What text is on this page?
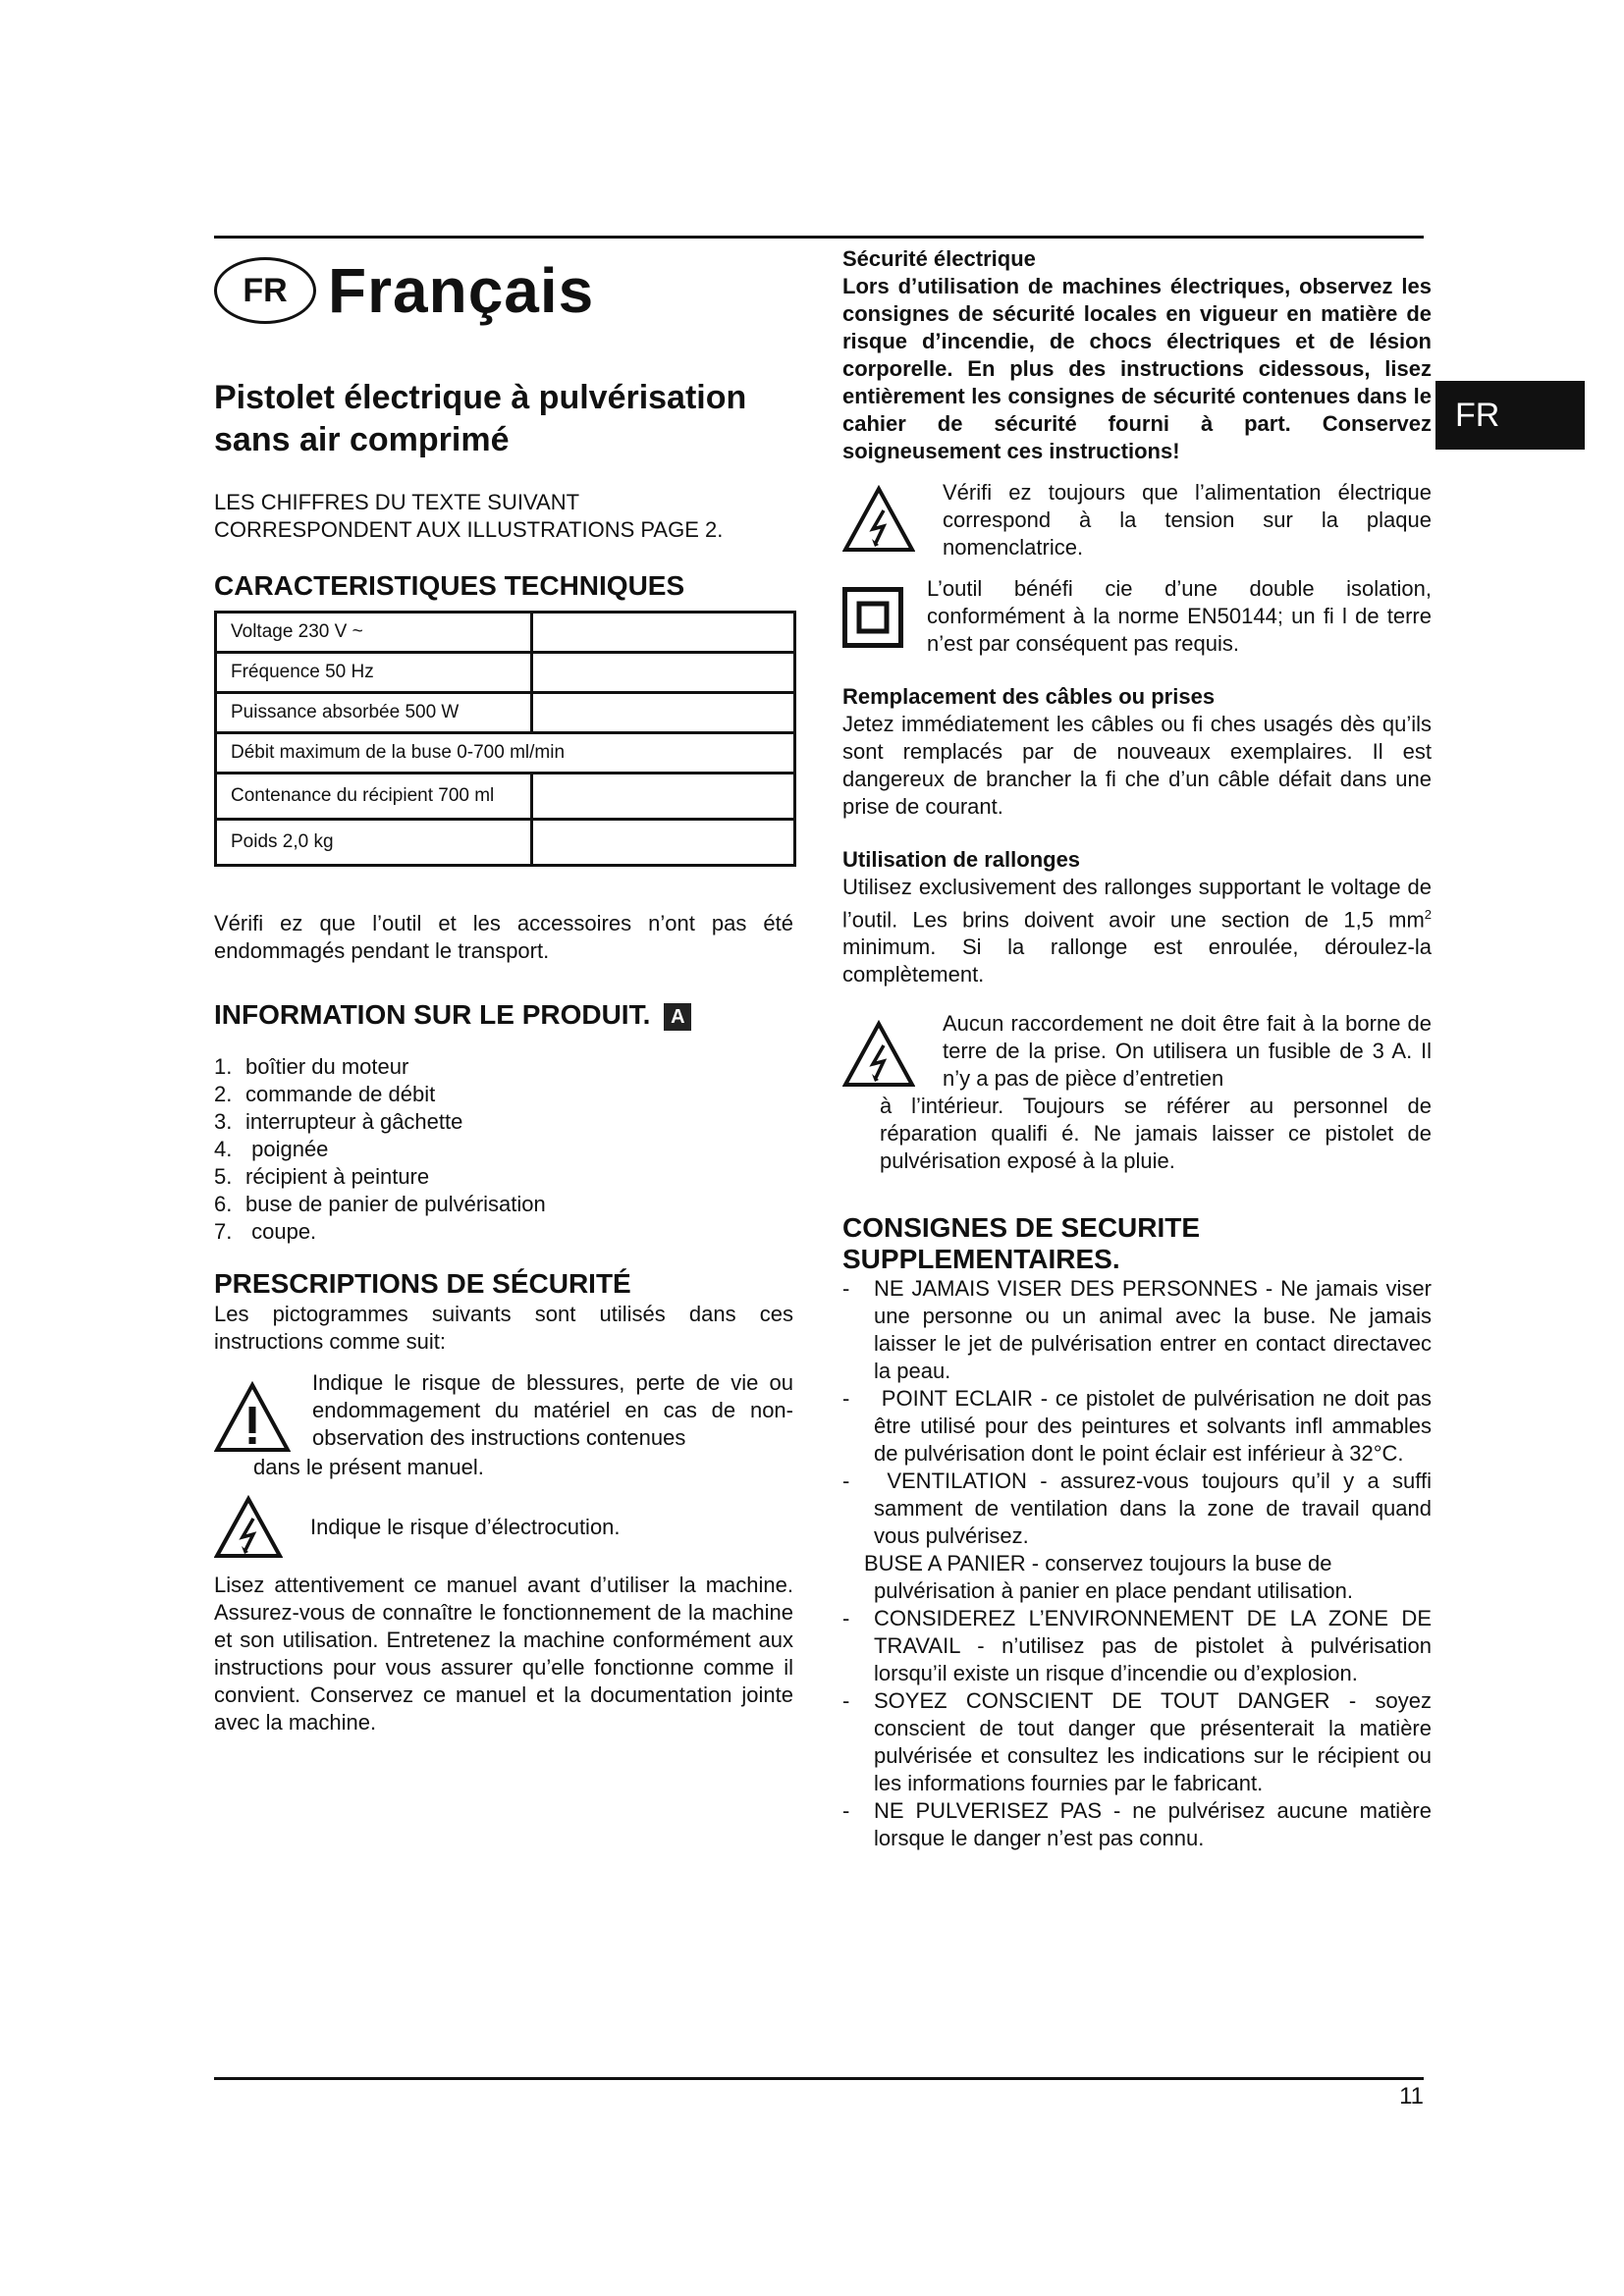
FR
11
FR Français
Pistolet électrique à pulvérisation
sans air comprimé

LES CHIFFRES DU TEXTE SUIVANT
CORRESPONDENT AUX ILLUSTRATIONS PAGE 2.

CARACTERISTIQUES TECHNIQUES
Voltage 230 V ~	
Fréquence 50 Hz	
Puissance absorbée 500 W	
Débit maximum de la buse 0-700 ml/min	
Contenance du récipient 700 ml	
Poids 2,0 kg	

Vérifi ez que l’outil et les accessoires n’ont pas été endommagés pendant le transport.

INFORMATION SUR LE PRODUIT. A
1. boîtier du moteur
2. commande de débit
3. interrupteur à gâchette
4. poignée
5. récipient à peinture
6. buse de panier de pulvérisation
7. coupe.
PRESCRIPTIONS DE SÉCURITÉ

Les pictogrammes suivants sont utilisés dans ces instructions comme suit:

Indique le risque de blessures, perte de vie ou endommagement du matériel en cas de non-observation des instructions contenues

dans le présent manuel.

Indique le risque d’électrocution.

Lisez attentivement ce manuel avant d’utiliser la machine. Assurez-vous de connaître le fonctionnement de la machine et son utilisation. Entretenez la machine conformément aux instructions pour vous assurer qu’elle fonctionne comme il convient. Conservez ce manuel et la documentation jointe avec la machine.

Sécurité électrique

Lors d’utilisation de machines électriques, observez les consignes de sécurité locales en vigueur en matière de risque d’incendie, de chocs électriques et de lésion corporelle. En plus des instructions cidessous, lisez entièrement les consignes de sécurité contenues dans le cahier de sécurité fourni à part. Conservez soigneusement ces instructions!

Vérifi ez toujours que l’alimentation électrique correspond à la tension sur la plaque nomenclatrice.
L’outil bénéfi cie d’une double isolation, conformément à la norme EN50144; un fi l de terre n’est par conséquent pas requis.
Remplacement des câbles ou prises

Jetez immédiatement les câbles ou fi ches usagés dès qu’ils sont remplacés par de nouveaux exemplaires. Il est dangereux de brancher la fi che d’un câble défait dans une prise de courant.

Utilisation de rallonges

Utilisez exclusivement des rallonges supportant le voltage de l’outil. Les brins doivent avoir une section de 1,5 $mm^2$ minimum. Si la rallonge est enroulée, déroulez-la complètement.

Aucun raccordement ne doit être fait à la borne de terre de la prise. On utilisera un fusible de 3 A. Il n’y a pas de pièce d’entretien

à l’intérieur. Toujours se référer au personnel de réparation qualifi é. Ne jamais laisser ce pistolet de pulvérisation exposé à la pluie.

CONSIGNES DE SECURITE
SUPPLEMENTAIRES.
- NE JAMAIS VISER DES PERSONNES - Ne jamais viser une personne ou un animal avec la buse. Ne jamais laisser le jet de pulvérisation entrer en contact directavec la peau.
- POINT ECLAIR - ce pistolet de pulvérisation ne doit pas être utilisé pour des peintures et solvants infl ammables de pulvérisation dont le point éclair est inférieur à 32°C.
- VENTILATION - assurez-vous toujours qu’il y a suffi samment de ventilation dans la zone de travail quand vous pulvérisez.
BUSE A PANIER - conservez toujours la buse de
pulvérisation à panier en place pendant utilisation.
- CONSIDEREZ L’ENVIRONNEMENT DE LA ZONE DE TRAVAIL - n’utilisez pas de pistolet à pulvérisation lorsqu’il existe un risque d’incendie ou d’explosion.
- SOYEZ CONSCIENT DE TOUT DANGER - soyez conscient de tout danger que présenterait la matière pulvérisée et consultez les indications sur le récipient ou les informations fournies par le fabricant.
- NE PULVERISEZ PAS - ne pulvérisez aucune matière lorsque le danger n’est pas connu.
